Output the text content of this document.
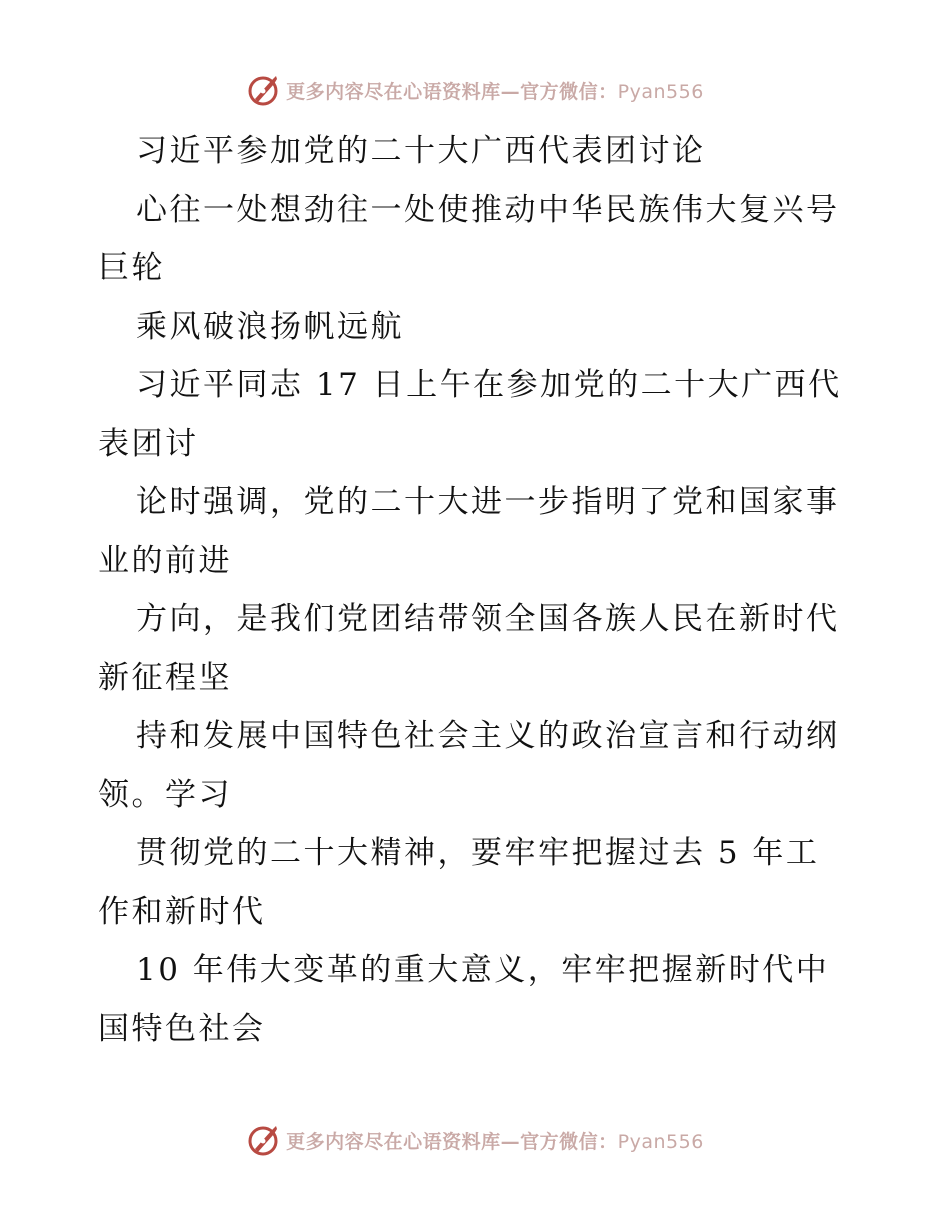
更多内容尽在心语资料库—官方微信：Pyan556
习近平参加党的二十大广西代表团讨论
心往一处想劲往一处使推动中华民族伟大复兴号
巨轮
乘风破浪扬帆远航
习近平同志 17 日上午在参加党的二十大广西代
表团讨
论时强调，党的二十大进一步指明了党和国家事
业的前进
方向，是我们党团结带领全国各族人民在新时代
新征程坚
持和发展中国特色社会主义的政治宣言和行动纲
领。学习
贯彻党的二十大精神，要牢牢把握过去 5 年工
作和新时代
10 年伟大变革的重大意义，牢牢把握新时代中
国特色社会
更多内容尽在心语资料库—官方微信：Pyan556
